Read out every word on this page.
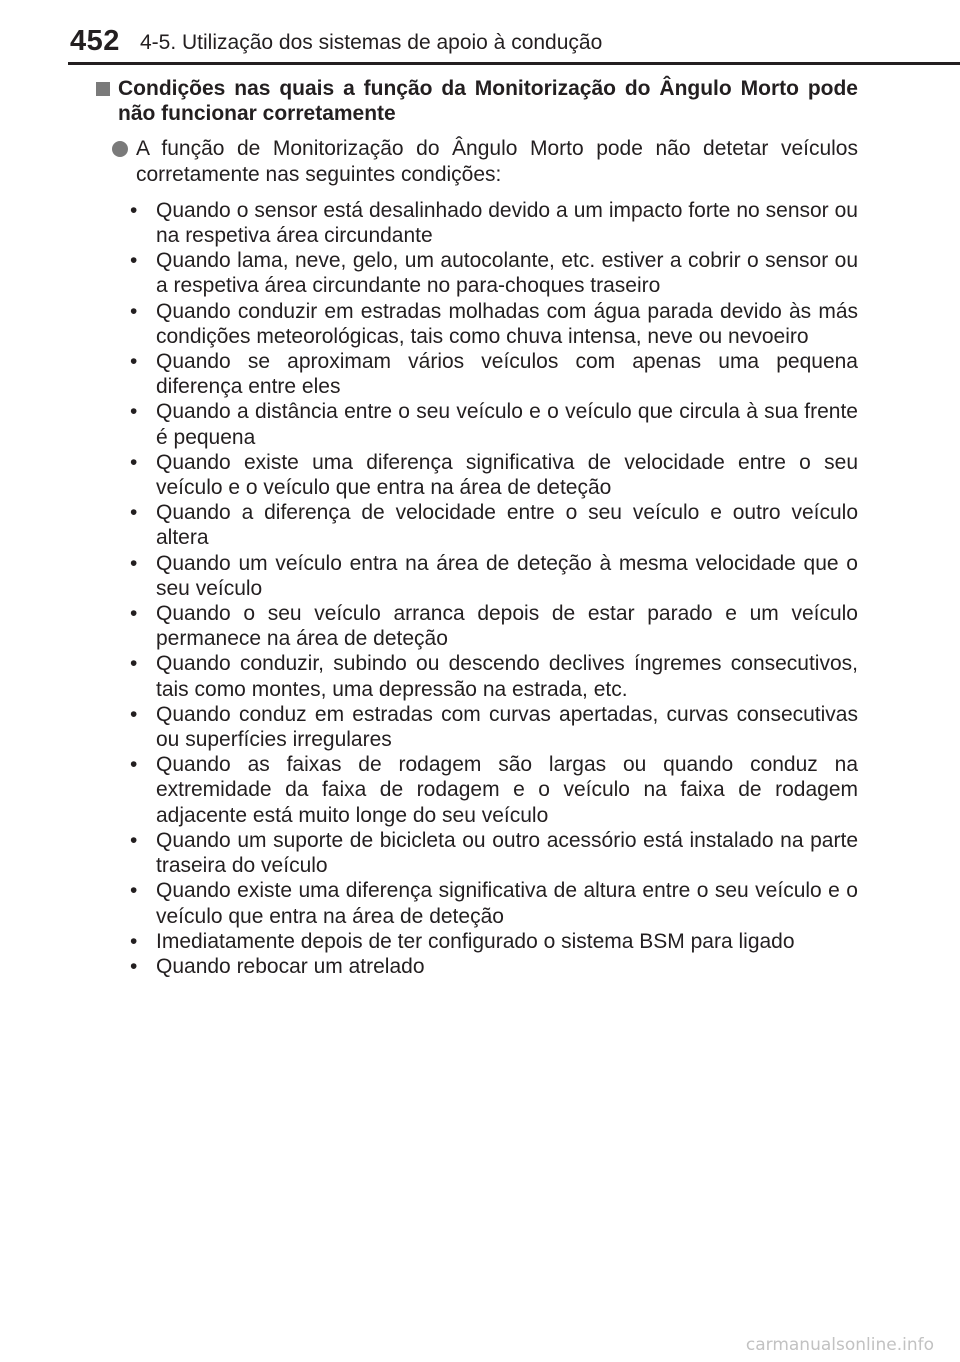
452 4-5. Utilização dos sistemas de apoio à condução
Condições nas quais a função da Monitorização do Ângulo Morto pode não funcionar corretamente
A função de Monitorização do Ângulo Morto pode não detetar veículos corretamente nas seguintes condições:
• Quando o sensor está desalinhado devido a um impacto forte no sensor ou na respetiva área circundante
• Quando lama, neve, gelo, um autocolante, etc. estiver a cobrir o sensor ou a respetiva área circundante no para-choques traseiro
• Quando conduzir em estradas molhadas com água parada devido às más condições meteorológicas, tais como chuva intensa, neve ou nevoeiro
• Quando se aproximam vários veículos com apenas uma pequena diferença entre eles
• Quando a distância entre o seu veículo e o veículo que circula à sua frente é pequena
• Quando existe uma diferença significativa de velocidade entre o seu veículo e o veículo que entra na área de deteção
• Quando a diferença de velocidade entre o seu veículo e outro veículo altera
• Quando um veículo entra na área de deteção à mesma velocidade que o seu veículo
• Quando o seu veículo arranca depois de estar parado e um veículo permanece na área de deteção
• Quando conduzir, subindo ou descendo declives íngremes consecutivos, tais como montes, uma depressão na estrada, etc.
• Quando conduz em estradas com curvas apertadas, curvas consecutivas ou superfícies irregulares
• Quando as faixas de rodagem são largas ou quando conduz na extremidade da faixa de rodagem e o veículo na faixa de rodagem adjacente está muito longe do seu veículo
• Quando um suporte de bicicleta ou outro acessório está instalado na parte traseira do veículo
• Quando existe uma diferença significativa de altura entre o seu veículo e o veículo que entra na área de deteção
• Imediatamente depois de ter configurado o sistema BSM para ligado
• Quando rebocar um atrelado
carmanualsonline.info
